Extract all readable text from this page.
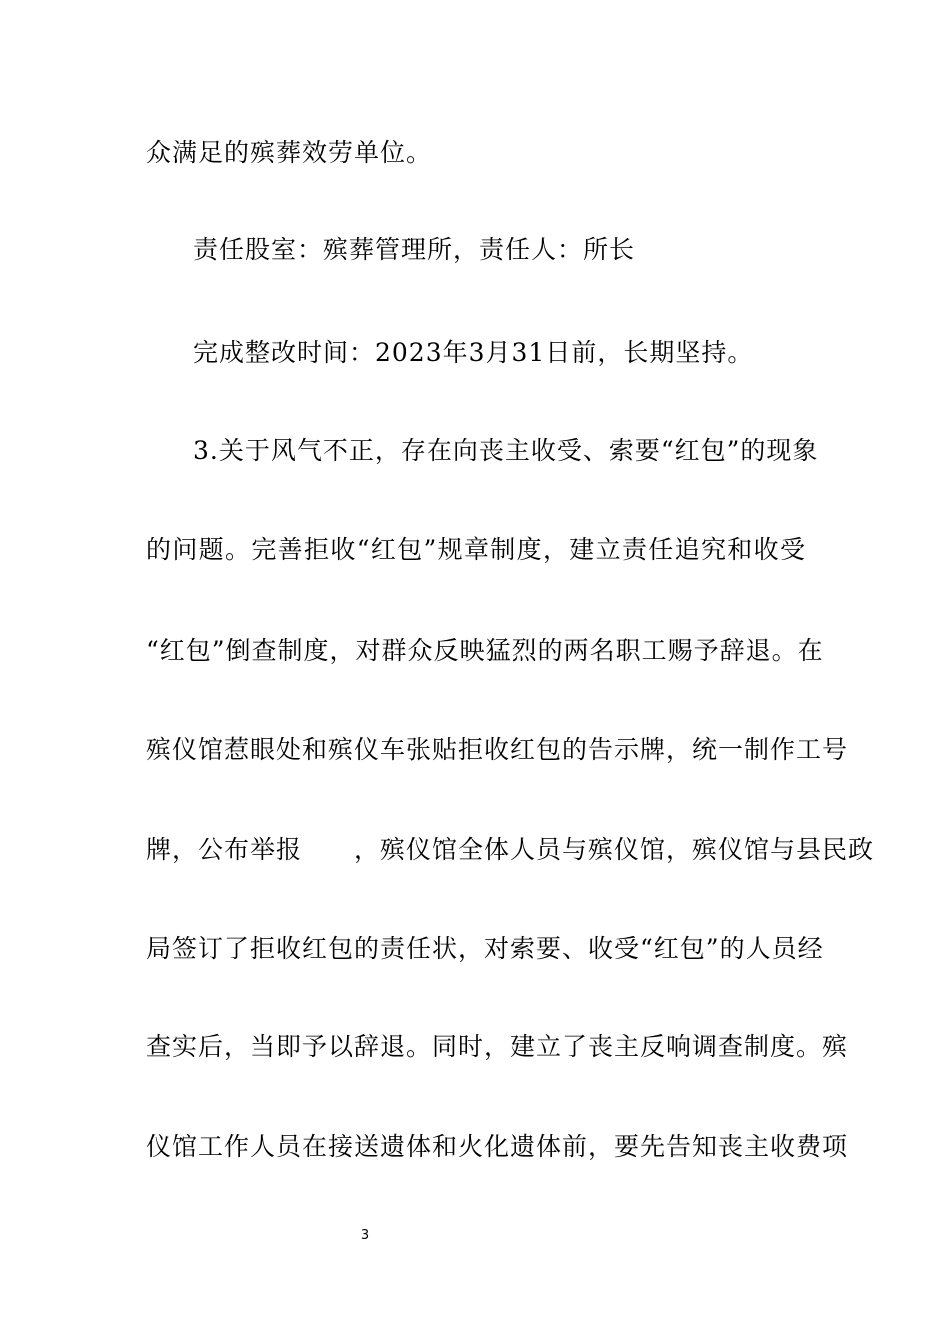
众满足的殡葬效劳单位。
责任股室：殡葬管理所，责任人：所长
完成整改时间：2023年3月31日前，长期坚持。
3.关于风气不正，存在向丧主收受、索要“红包”的现象
的问题。完善拒收“红包”规章制度，建立责任追究和收受
“红包”倒查制度，对群众反映猛烈的两名职工赐予辞退。在
殡仪馆惹眼处和殡仪车张贴拒收红包的告示牌，统一制作工号
牌，公布举报　　，殡仪馆全体人员与殡仪馆，殡仪馆与县民政
局签订了拒收红包的责任状，对索要、收受“红包”的人员经
查实后，当即予以辞退。同时，建立了丧主反响调查制度。殡
仪馆工作人员在接送遗体和火化遗体前，要先告知丧主收费项
3
